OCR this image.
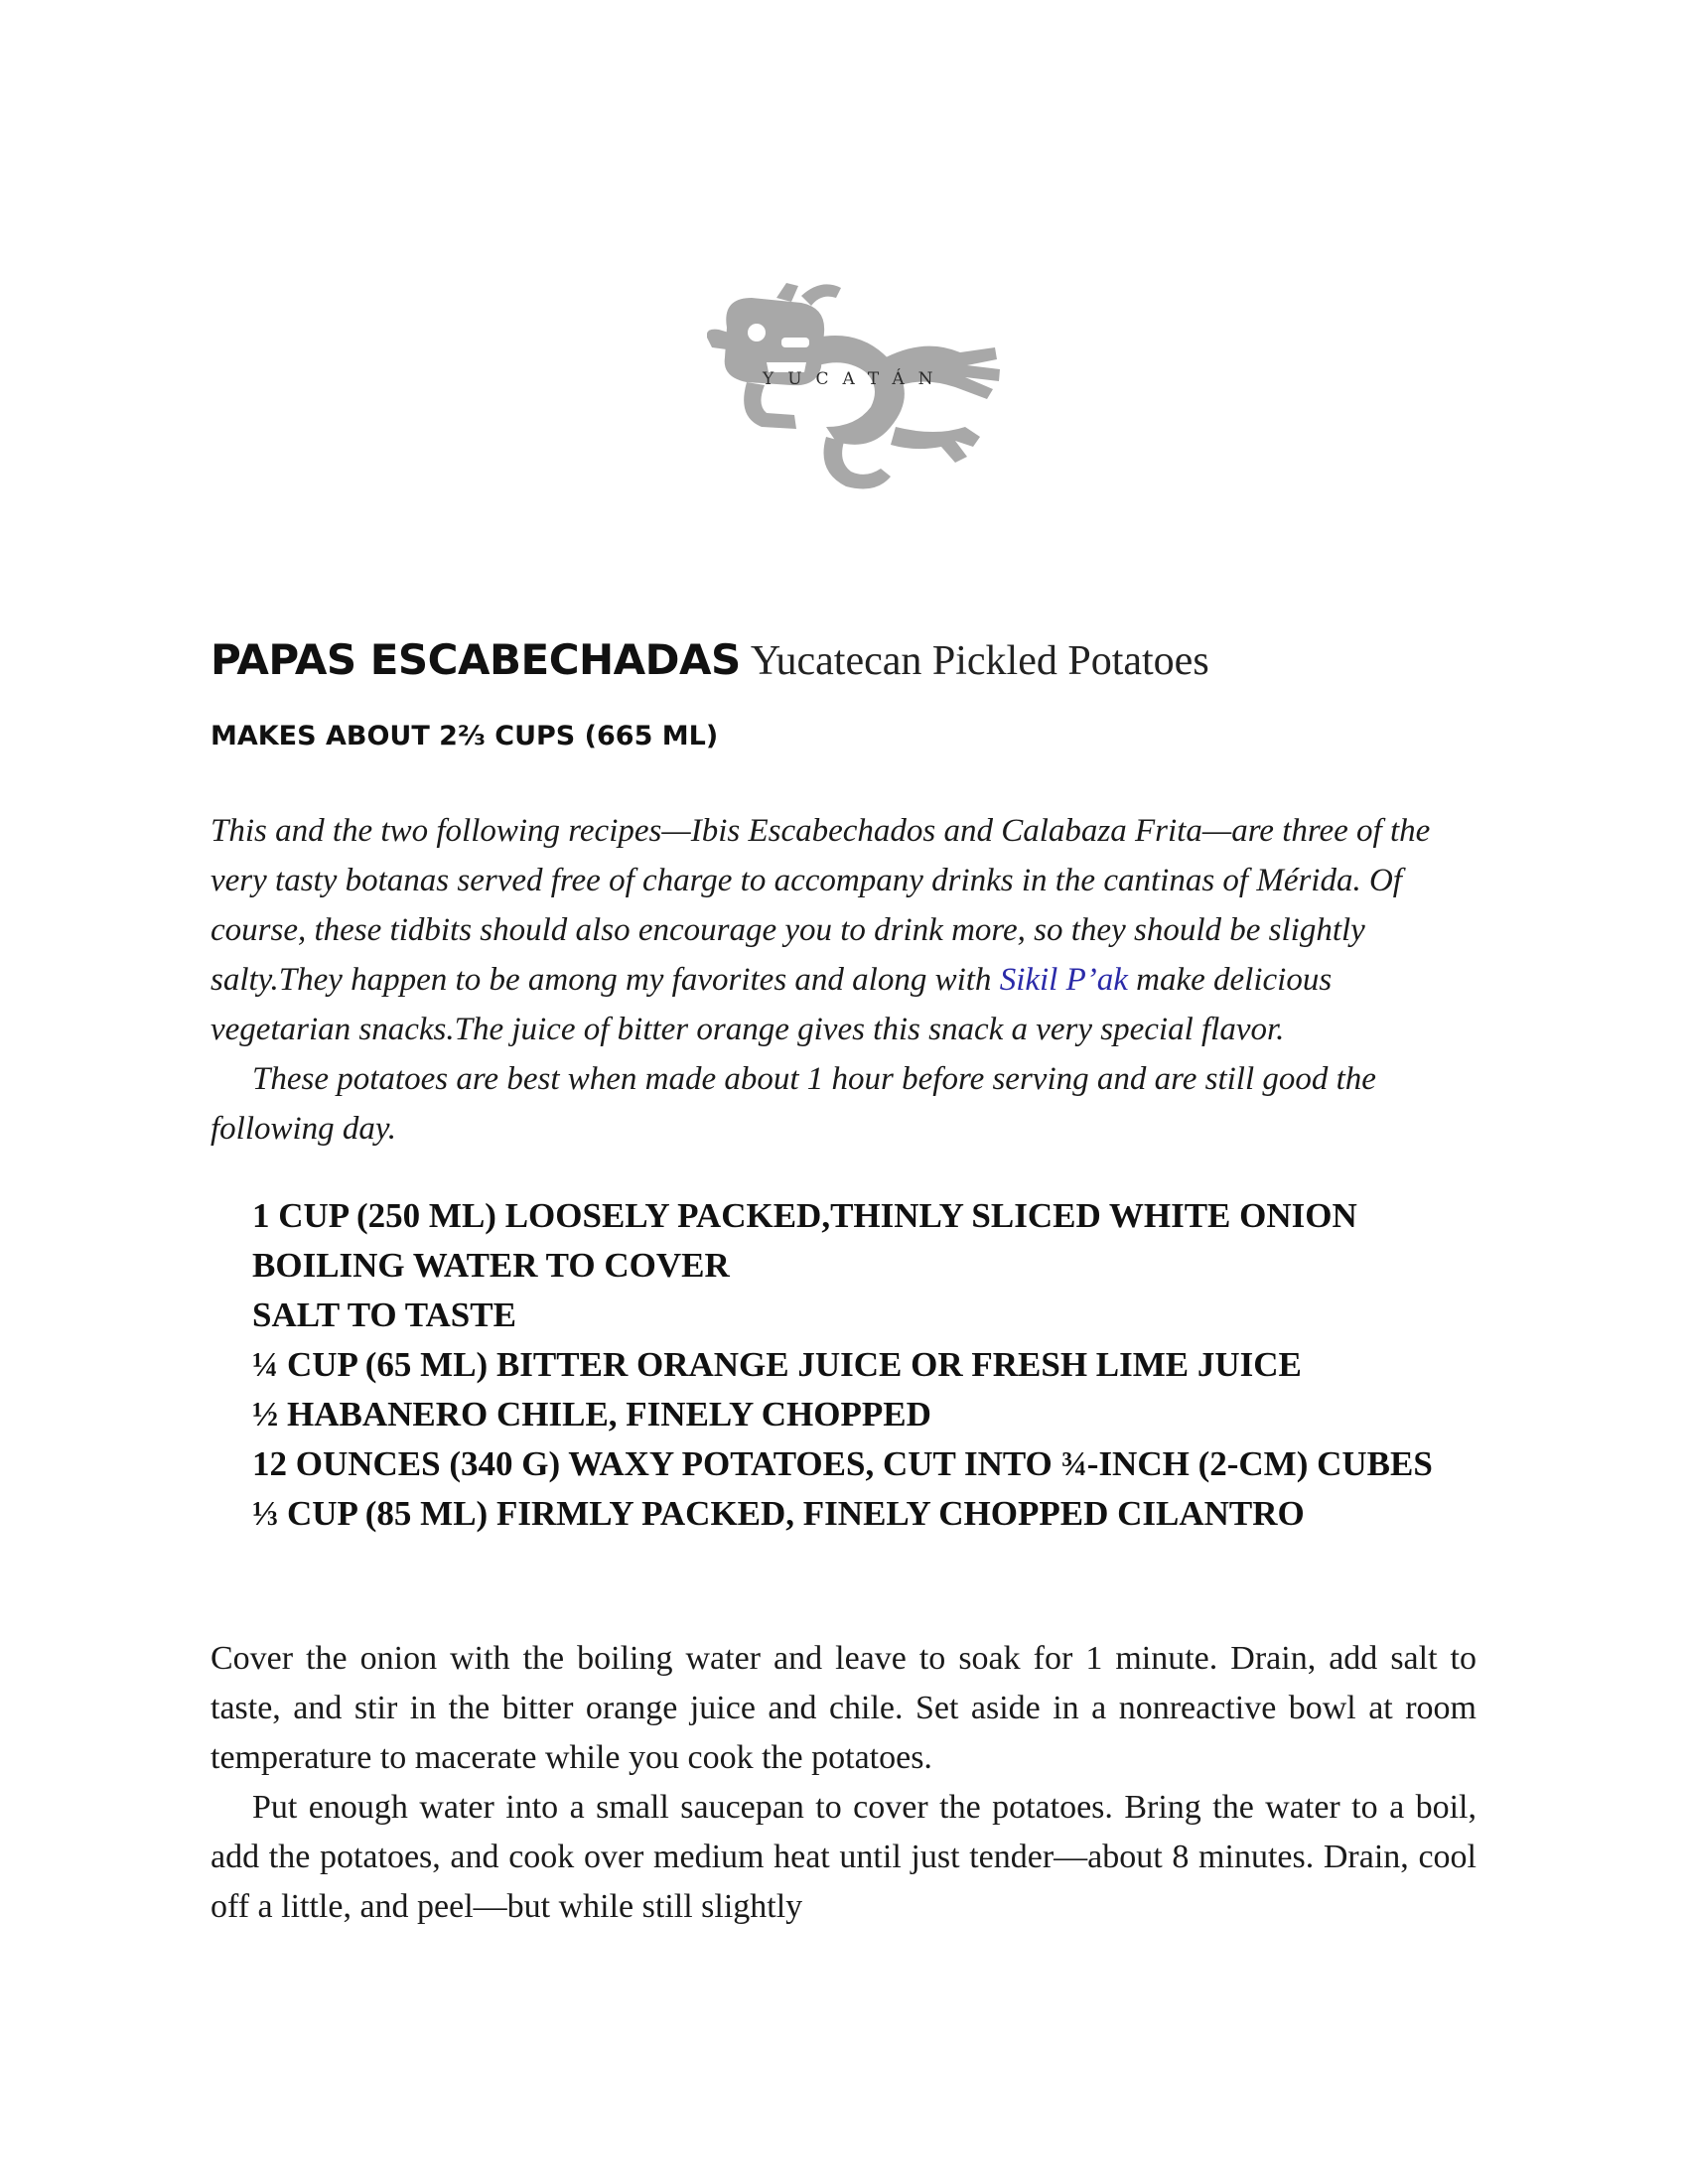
YUCATÁN
PAPAS ESCABECHADAS Yucatecan Pickled Potatoes
MAKES ABOUT 2⅔ CUPS (665 ML)

This and the two following recipes—Ibis Escabechados and Calabaza Frita—are three of the very tasty botanas served free of charge to accompany drinks in the cantinas of Mérida. Of course, these tidbits should also encourage you to drink more, so they should be slightly salty.They happen to be among my favorites and along with Sikil P’ak make delicious vegetarian snacks.The juice of bitter orange gives this snack a very special flavor.

These potatoes are best when made about 1 hour before serving and are still good the following day.

1 CUP (250 ML) LOOSELY PACKED,THINLY SLICED WHITE ONION
BOILING WATER TO COVER
SALT TO TASTE
¼ CUP (65 ML) BITTER ORANGE JUICE OR FRESH LIME JUICE
½ HABANERO CHILE, FINELY CHOPPED
12 OUNCES (340 G) WAXY POTATOES, CUT INTO ¾-INCH (2-CM) CUBES
⅓ CUP (85 ML) FIRMLY PACKED, FINELY CHOPPED CILANTRO

Cover the onion with the boiling water and leave to soak for 1 minute. Drain, add salt to taste, and stir in the bitter orange juice and chile. Set aside in a nonreactive bowl at room temperature to macerate while you cook the potatoes.

Put enough water into a small saucepan to cover the potatoes. Bring the water to a boil, add the potatoes, and cook over medium heat until just tender—about 8 minutes. Drain, cool off a little, and peel—but while still slightly
